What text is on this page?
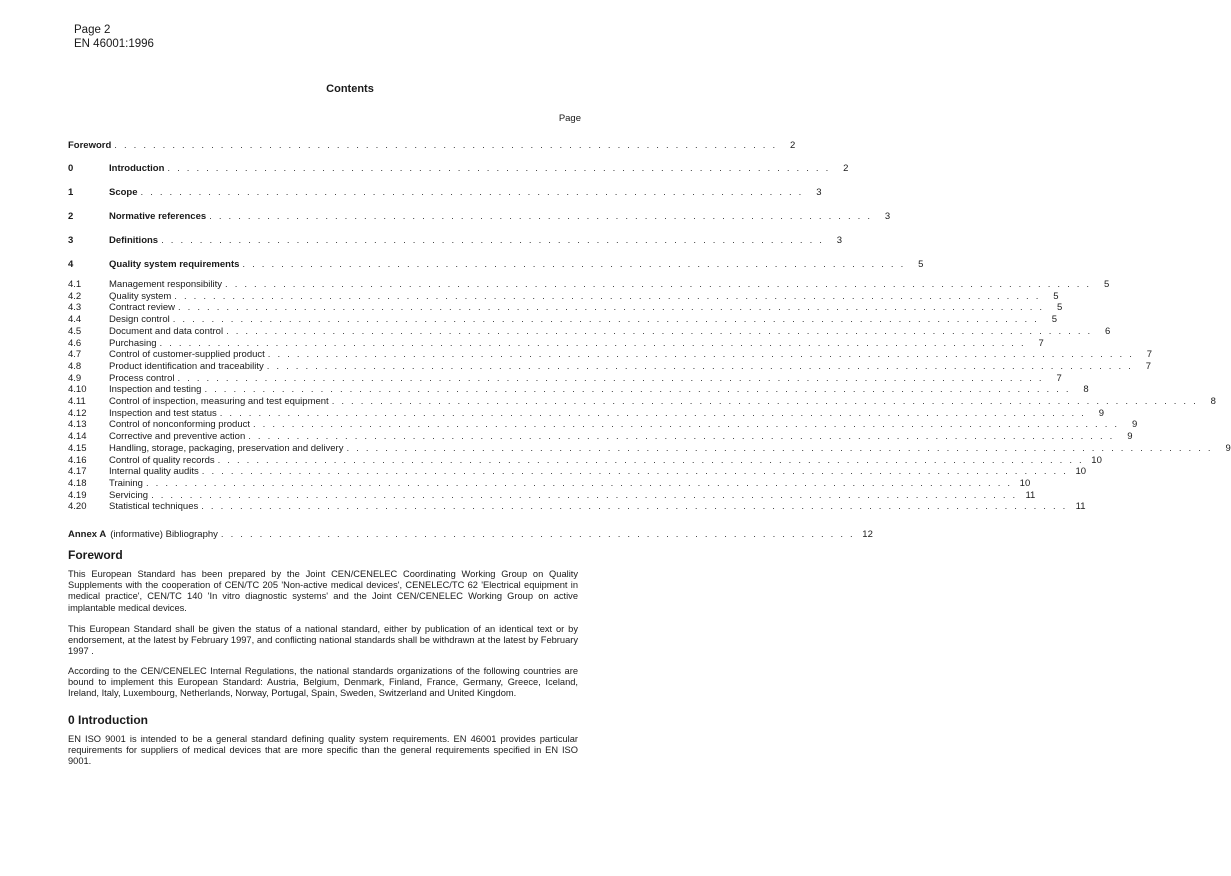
Page 2
EN 46001:1996
Contents
Page
Foreword . . . . . . . . . . . . . . . . . . . . . . . . . . . . . . . . . . . . . . . . . . . . . . . . . . . . . . . . . . . . . . . . . . . . .	2
0	Introduction . . . . . . . . . . . . . . . . . . . . . . . . . . . . . . . . . . . . . . . . . . . . . . . . . . . . . . . . . . . . . . . . . . . . .	2
1	Scope . . . . . . . . . . . . . . . . . . . . . . . . . . . . . . . . . . . . . . . . . . . . . . . . . . . . . . . . . . . . . . . . . . . . .	3
2	Normative references . . . . . . . . . . . . . . . . . . . . . . . . . . . . . . . . . . . . . . . . . . . . . . . . . . . . . . . . . . . . . . . . . . . . .	3
3	Definitions . . . . . . . . . . . . . . . . . . . . . . . . . . . . . . . . . . . . . . . . . . . . . . . . . . . . . . . . . . . . . . . . . . . . .	3
4	Quality system requirements . . . . . . . . . . . . . . . . . . . . . . . . . . . . . . . . . . . . . . . . . . . . . . . . . . . . . . . . . . . . . . . . . . . . .	5
4.1	Management responsibility . . . . . . . . . . . . . . . . . . . . . . . . . . . . . . . . . . . . . . . . . . . . . . . . . . . . . . . . . . . . . . . . . . . . . . . . . . . . . . . . . . . . . . . . . .	5
4.2	Quality system . . . . . . . . . . . . . . . . . . . . . . . . . . . . . . . . . . . . . . . . . . . . . . . . . . . . . . . . . . . . . . . . . . . . . . . . . . . . . . . . . . . . . . . . . .	5
4.3	Contract review . . . . . . . . . . . . . . . . . . . . . . . . . . . . . . . . . . . . . . . . . . . . . . . . . . . . . . . . . . . . . . . . . . . . . . . . . . . . . . . . . . . . . . . . . .	5
4.4	Design control . . . . . . . . . . . . . . . . . . . . . . . . . . . . . . . . . . . . . . . . . . . . . . . . . . . . . . . . . . . . . . . . . . . . . . . . . . . . . . . . . . . . . . . . . .	5
4.5	Document and data control . . . . . . . . . . . . . . . . . . . . . . . . . . . . . . . . . . . . . . . . . . . . . . . . . . . . . . . . . . . . . . . . . . . . . . . . . . . . . . . . . . . . . . . . . .	6
4.6	Purchasing . . . . . . . . . . . . . . . . . . . . . . . . . . . . . . . . . . . . . . . . . . . . . . . . . . . . . . . . . . . . . . . . . . . . . . . . . . . . . . . . . . . . . . . . . .	7
4.7	Control of customer-supplied product . . . . . . . . . . . . . . . . . . . . . . . . . . . . . . . . . . . . . . . . . . . . . . . . . . . . . . . . . . . . . . . . . . . . . . . . . . . . . . . . . . . . . . . . . .	7
4.8	Product identification and traceability . . . . . . . . . . . . . . . . . . . . . . . . . . . . . . . . . . . . . . . . . . . . . . . . . . . . . . . . . . . . . . . . . . . . . . . . . . . . . . . . . . . . . . . . . .	7
4.9	Process control . . . . . . . . . . . . . . . . . . . . . . . . . . . . . . . . . . . . . . . . . . . . . . . . . . . . . . . . . . . . . . . . . . . . . . . . . . . . . . . . . . . . . . . . . .	7
4.10	Inspection and testing . . . . . . . . . . . . . . . . . . . . . . . . . . . . . . . . . . . . . . . . . . . . . . . . . . . . . . . . . . . . . . . . . . . . . . . . . . . . . . . . . . . . . . . . . .	8
4.11	Control of inspection, measuring and test equipment . . . . . . . . . . . . . . . . . . . . . . . . . . . . . . . . . . . . . . . . . . . . . . . . . . . . . . . . . . . . . . . . . . . . . . . . . . . . . . . . . . . . . . . . . .	8
4.12	Inspection and test status . . . . . . . . . . . . . . . . . . . . . . . . . . . . . . . . . . . . . . . . . . . . . . . . . . . . . . . . . . . . . . . . . . . . . . . . . . . . . . . . . . . . . . . . . .	9
4.13	Control of nonconforming product . . . . . . . . . . . . . . . . . . . . . . . . . . . . . . . . . . . . . . . . . . . . . . . . . . . . . . . . . . . . . . . . . . . . . . . . . . . . . . . . . . . . . . . . . .	9
4.14	Corrective and preventive action . . . . . . . . . . . . . . . . . . . . . . . . . . . . . . . . . . . . . . . . . . . . . . . . . . . . . . . . . . . . . . . . . . . . . . . . . . . . . . . . . . . . . . . . . .	9
4.15	Handling, storage, packaging, preservation and delivery . . . . . . . . . . . . . . . . . . . . . . . . . . . . . . . . . . . . . . . . . . . . . . . . . . . . . . . . . . . . . . . . . . . . . . . . . . . . . . . . . . . . . . . . . .	9
4.16	Control of quality records . . . . . . . . . . . . . . . . . . . . . . . . . . . . . . . . . . . . . . . . . . . . . . . . . . . . . . . . . . . . . . . . . . . . . . . . . . . . . . . . . . . . . . . . . . 10
4.17	Internal quality audits . . . . . . . . . . . . . . . . . . . . . . . . . . . . . . . . . . . . . . . . . . . . . . . . . . . . . . . . . . . . . . . . . . . . . . . . . . . . . . . . . . . . . . . . . . 10
4.18	Training . . . . . . . . . . . . . . . . . . . . . . . . . . . . . . . . . . . . . . . . . . . . . . . . . . . . . . . . . . . . . . . . . . . . . . . . . . . . . . . . . . . . . . . . . . 10
4.19	Servicing . . . . . . . . . . . . . . . . . . . . . . . . . . . . . . . . . . . . . . . . . . . . . . . . . . . . . . . . . . . . . . . . . . . . . . . . . . . . . . . . . . . . . . . . . . 11
4.20	Statistical techniques . . . . . . . . . . . . . . . . . . . . . . . . . . . . . . . . . . . . . . . . . . . . . . . . . . . . . . . . . . . . . . . . . . . . . . . . . . . . . . . . . . . . . . . . . . 11
Annex A (informative) Bibliography . . . . . . . . . . . . . . . . . . . . . . . . . . . . . . . . . . . . . . . . . . . . . . . . . . . . . . . . . . . . . . . . . . 12
Foreword

This European Standard has been prepared by the Joint CEN/CENELEC Coordinating Working Group on Quality Supplements with the cooperation of CEN/TC 205 'Non-active medical devices', CENELEC/TC 62 'Electrical equipment in medical practice', CEN/TC 140 'In vitro diagnostic systems' and the Joint CEN/CENELEC Working Group on active implantable medical devices.

This European Standard shall be given the status of a national standard, either by publication of an identical text or by endorsement, at the latest by February 1997, and conflicting national standards shall be withdrawn at the latest by February 1997 .

According to the CEN/CENELEC Internal Regulations, the national standards organizations of the following countries are bound to implement this European Standard: Austria, Belgium, Denmark, Finland, France, Germany, Greece, Iceland, Ireland, Italy, Luxembourg, Netherlands, Norway, Portugal, Spain, Sweden, Switzerland and United Kingdom.

0 Introduction

EN ISO 9001 is intended to be a general standard defining quality system requirements. EN 46001 provides particular requirements for suppliers of medical devices that are more specific than the general requirements specified in EN ISO 9001.
